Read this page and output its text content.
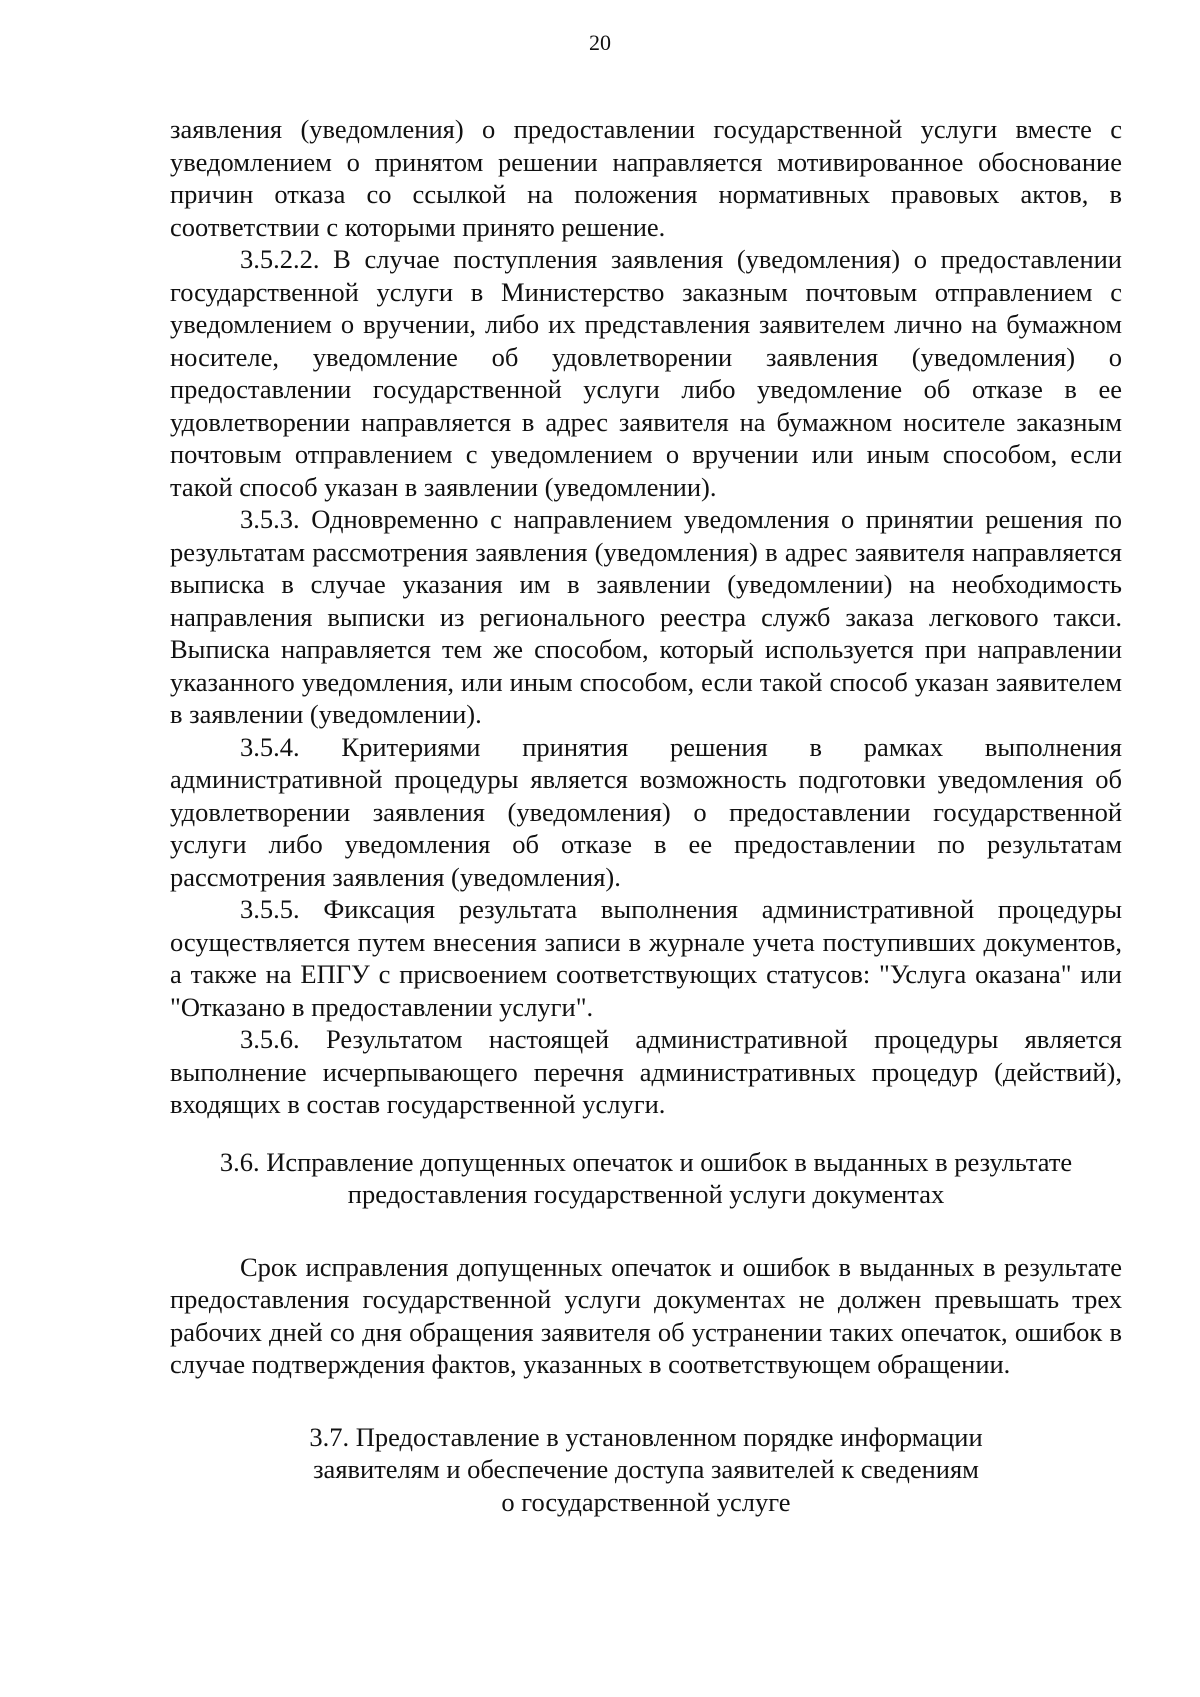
20

заявления (уведомления) о предоставлении государственной услуги вместе с уведомлением о принятом решении направляется мотивированное обоснование причин отказа со ссылкой на положения нормативных правовых актов, в соответствии с которыми принято решение.

3.5.2.2. В случае поступления заявления (уведомления) о предоставлении государственной услуги в Министерство заказным почтовым отправлением с уведомлением о вручении, либо их представления заявителем лично на бумажном носителе, уведомление об удовлетворении заявления (уведомления) о предоставлении государственной услуги либо уведомление об отказе в ее удовлетворении направляется в адрес заявителя на бумажном носителе заказным почтовым отправлением с уведомлением о вручении или иным способом, если такой способ указан в заявлении (уведомлении).

3.5.3. Одновременно с направлением уведомления о принятии решения по результатам рассмотрения заявления (уведомления) в адрес заявителя направляется выписка в случае указания им в заявлении (уведомлении) на необходимость направления выписки из регионального реестра служб заказа легкового такси. Выписка направляется тем же способом, который используется при направлении указанного уведомления, или иным способом, если такой способ указан заявителем в заявлении (уведомлении).

3.5.4. Критериями принятия решения в рамках выполнения административной процедуры является возможность подготовки уведомления об удовлетворении заявления (уведомления) о предоставлении государственной услуги либо уведомления об отказе в ее предоставлении по результатам рассмотрения заявления (уведомления).

3.5.5. Фиксация результата выполнения административной процедуры осуществляется путем внесения записи в журнале учета поступивших документов, а также на ЕПГУ с присвоением соответствующих статусов: "Услуга оказана" или "Отказано в предоставлении услуги".

3.5.6. Результатом настоящей административной процедуры является выполнение исчерпывающего перечня административных процедур (действий), входящих в состав государственной услуги.

3.6. Исправление допущенных опечаток и ошибок в выданных в результате

предоставления государственной услуги документах

Срок исправления допущенных опечаток и ошибок в выданных в результате предоставления государственной услуги документах не должен превышать трех рабочих дней со дня обращения заявителя об устранении таких опечаток, ошибок в случае подтверждения фактов, указанных в соответствующем обращении.

3.7. Предоставление в установленном порядке информации

заявителям и обеспечение доступа заявителей к сведениям

о государственной услуге
